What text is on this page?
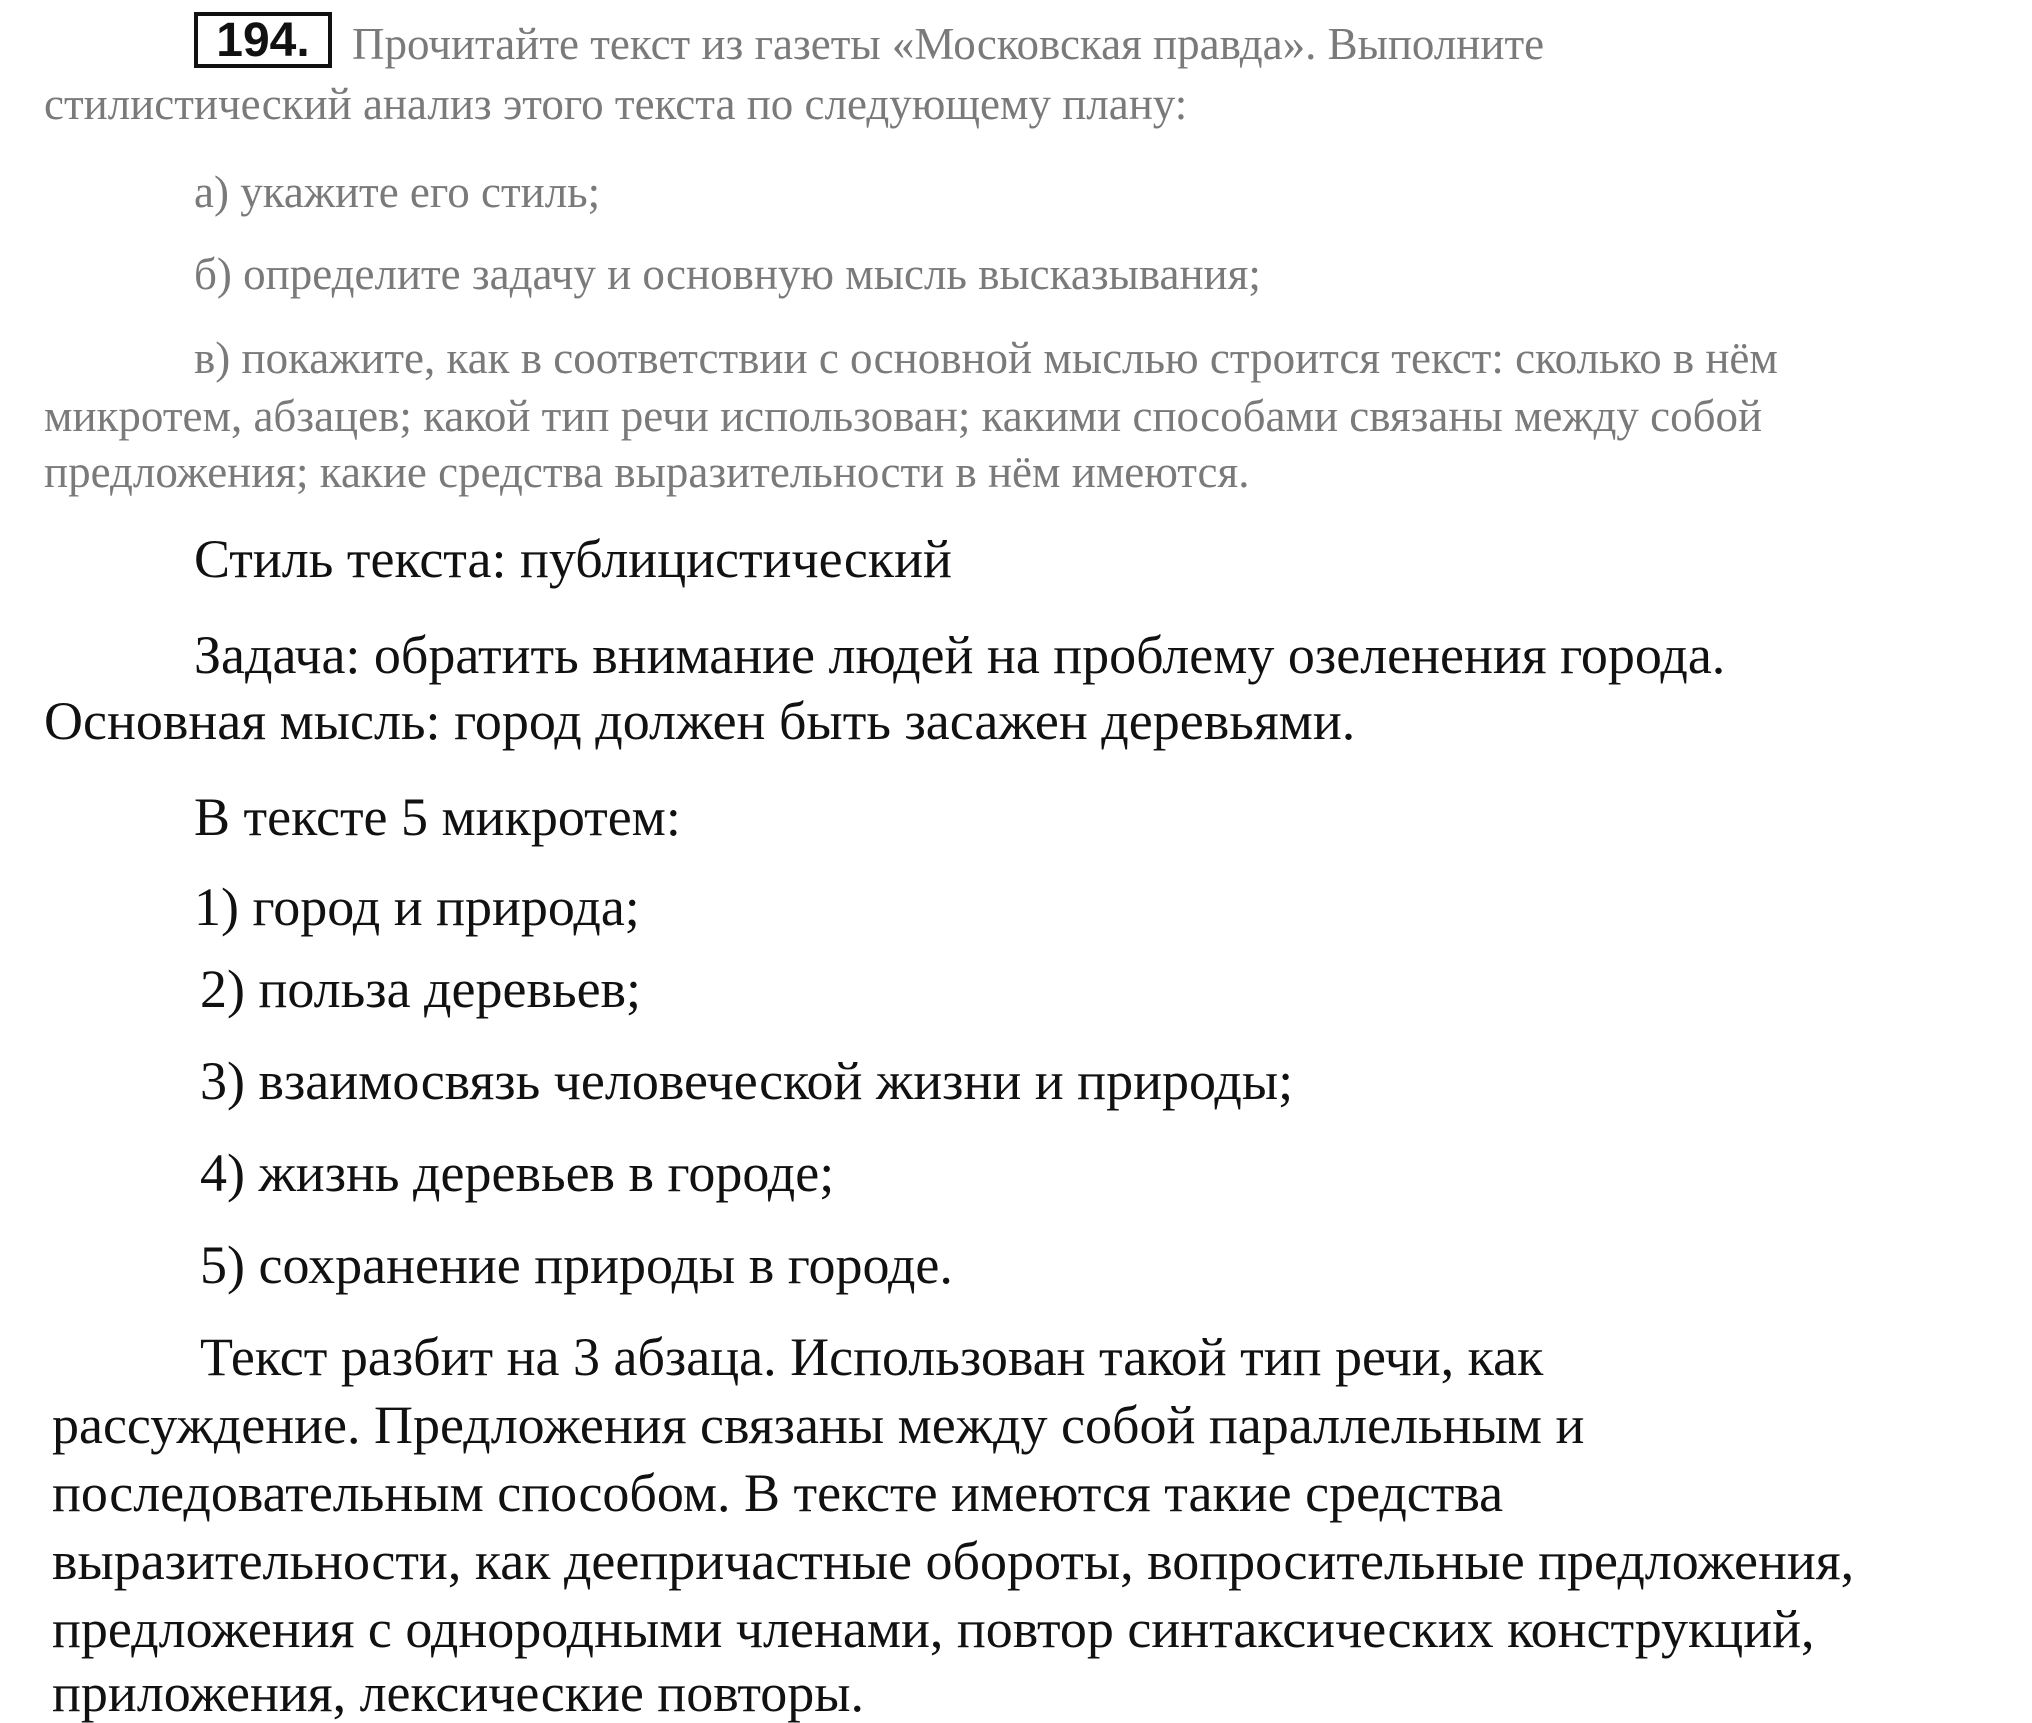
194. Прочитайте текст из газеты «Московская правда». Выполните

стилистический анализ этого текста по следующему плану:

а) укажите его стиль;

б) определите задачу и основную мысль высказывания;

в) покажите, как в соответствии с основной мыслью строится текст: сколько в нём

микротем, абзацев; какой тип речи использован; какими способами связаны между собой

предложения; какие средства выразительности в нём имеются.

Стиль текста: публицистический

Задача: обратить внимание людей на проблему озеленения города.

Основная мысль: город должен быть засажен деревьями.

В тексте 5 микротем:

1) город и природа;

2) польза деревьев;

3) взаимосвязь человеческой жизни и природы;

4) жизнь деревьев в городе;

5) сохранение природы в городе.

Текст разбит на 3 абзаца. Использован такой тип речи, как

рассуждение. Предложения связаны между собой параллельным и

последовательным способом. В тексте имеются такие средства

выразительности, как деепричастные обороты, вопросительные предложения,

предложения с однородными членами, повтор синтаксических конструкций,

приложения, лексические повторы.
